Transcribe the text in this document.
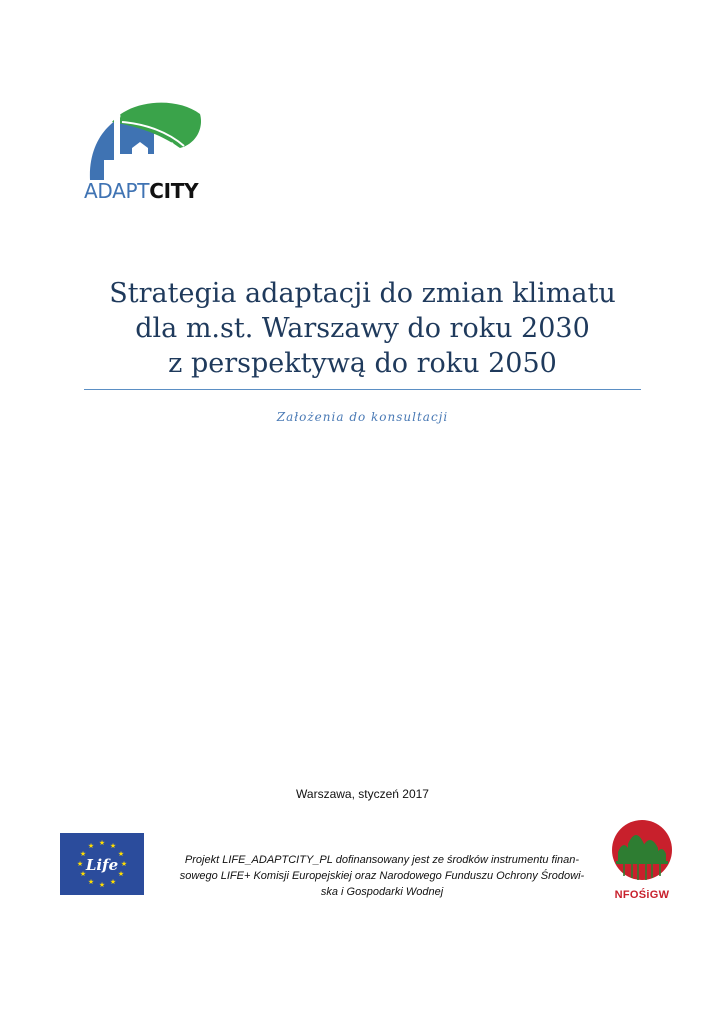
ADAPTCITY
Strategia adaptacji do zmian klimatu
dla m.st. Warszawy do roku 2030
z perspektywą do roku 2050
Założenia do konsultacji
Warszawa, styczeń 2017
★ ★
★
★
★
★
★
★
★
★
★
★
Life	Projekt LIFE_ADAPTCITY_PL dofinansowany jest ze środków instrumentu finan-
sowego LIFE+ Komisji Europejskiej oraz Narodowego Funduszu Ochrony Środowi-
ska i Gospodarki Wodnej	NFOŚiGW
